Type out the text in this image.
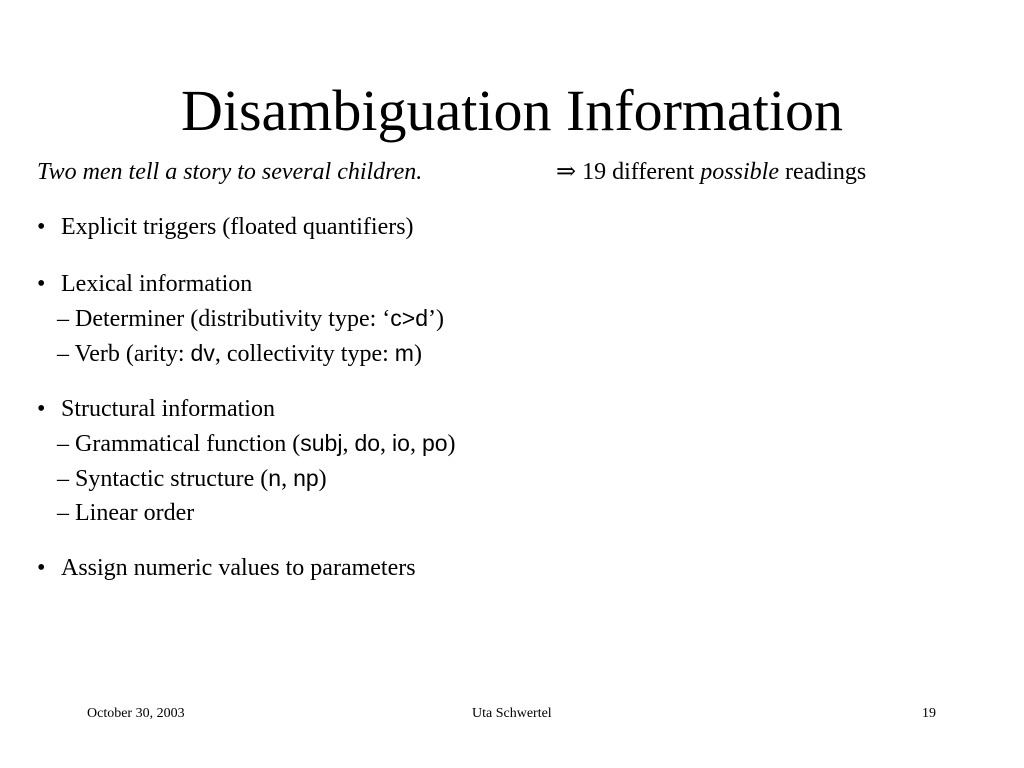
Disambiguation Information
Two men tell a story to several children.	⇒ 19 different possible readings
• Explicit triggers (floated quantifiers)
• Lexical information
– Determiner (distributivity type: ‘c>d’)
– Verb (arity: dv, collectivity type: m)
• Structural information
– Grammatical function (subj, do, io, po)
– Syntactic structure (n, np)
– Linear order
• Assign numeric values to parameters
October 30, 2003	Uta Schwertel	19
